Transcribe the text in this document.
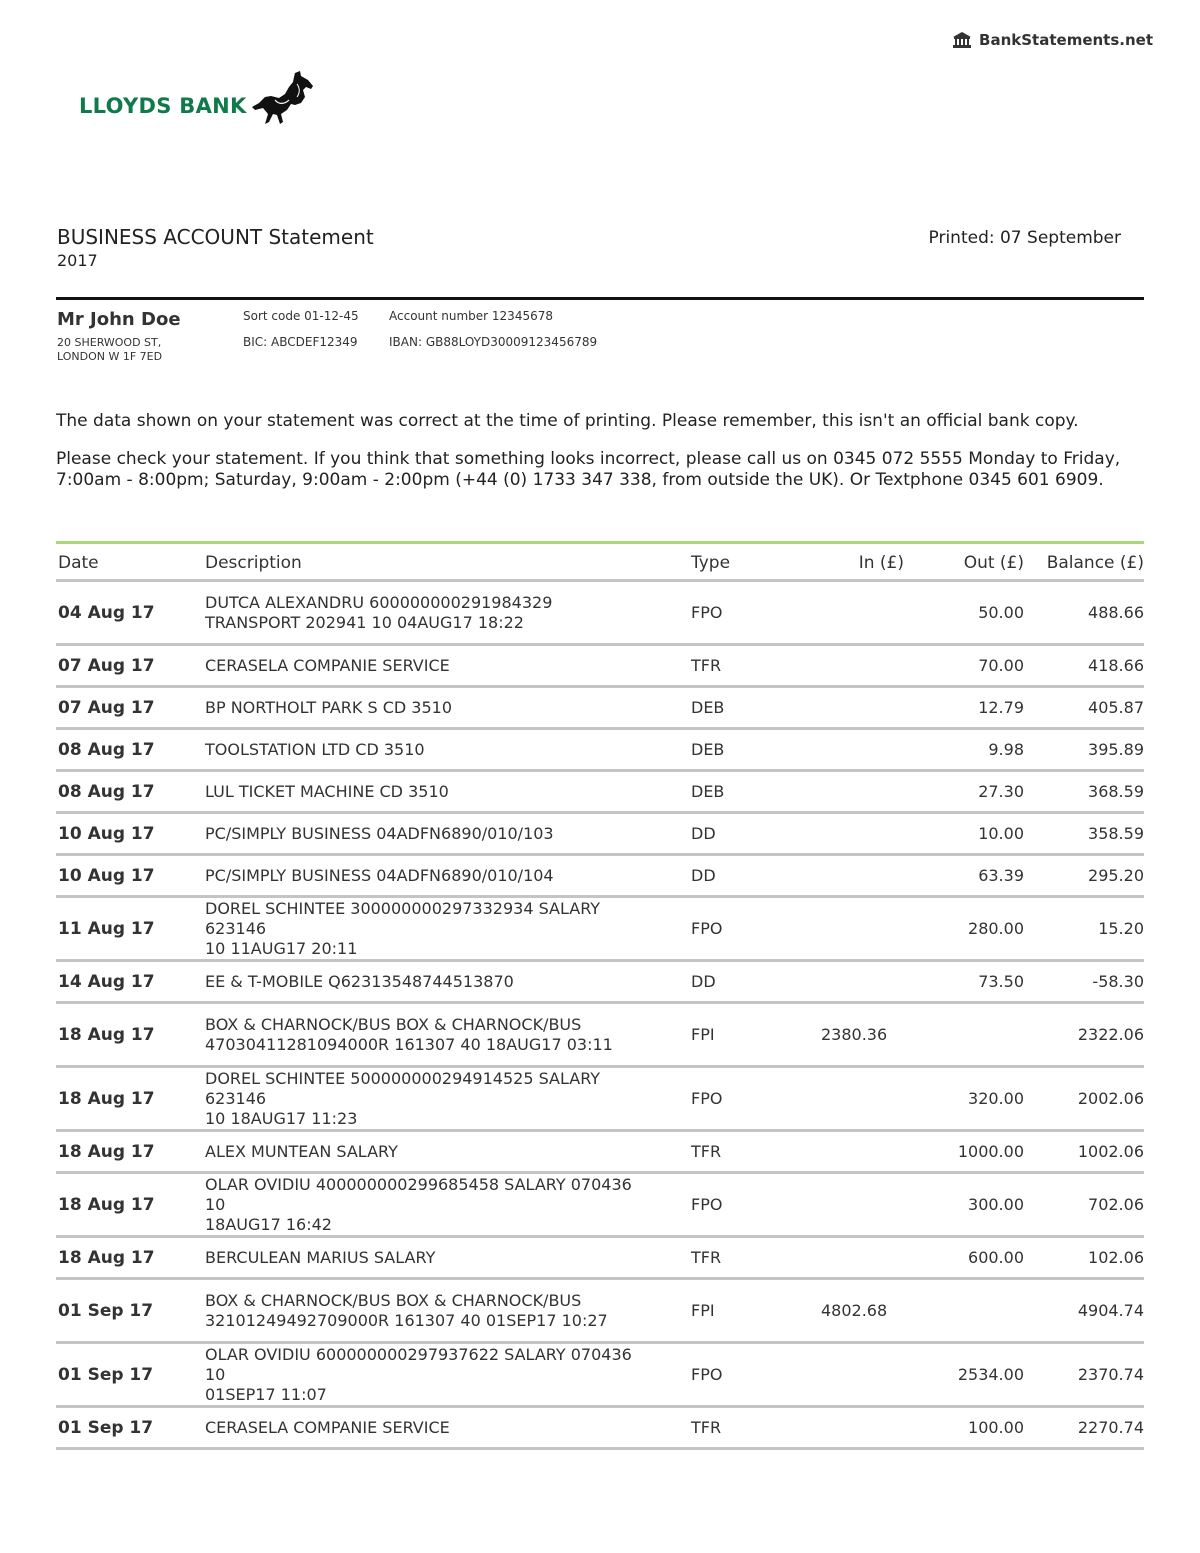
BankStatements.net
LLOYDS BANK
BUSINESS ACCOUNT Statement
2017
Printed: 07 September
Mr John Doe
20 SHERWOOD ST, LONDON W 1F 7ED
Sort code 01-12-45
BIC: ABCDEF12349
Account number 12345678
IBAN: GB88LOYD30009123456789
The data shown on your statement was correct at the time of printing. Please remember, this isn't an official bank copy.
Please check your statement. If you think that something looks incorrect, please call us on 0345 072 5555 Monday to Friday, 7:00am - 8:00pm; Saturday, 9:00am - 2:00pm (+44 (0) 1733 347 338, from outside the UK). Or Textphone 0345 601 6909.
Date	Description	Type	In (£)	Out (£)	Balance (£)
04 Aug 17	DUTCA ALEXANDRU 600000000291984329
TRANSPORT 202941 10 04AUG17 18:22	FPO		50.00	488.66
07 Aug 17	CERASELA COMPANIE SERVICE	TFR		70.00	418.66
07 Aug 17	BP NORTHOLT PARK S CD 3510	DEB		12.79	405.87
08 Aug 17	TOOLSTATION LTD CD 3510	DEB		9.98	395.89
08 Aug 17	LUL TICKET MACHINE CD 3510	DEB		27.30	368.59
10 Aug 17	PC/SIMPLY BUSINESS 04ADFN6890/010/103	DD		10.00	358.59
10 Aug 17	PC/SIMPLY BUSINESS 04ADFN6890/010/104	DD		63.39	295.20
11 Aug 17	DOREL SCHINTEE 300000000297332934 SALARY
623146
10 11AUG17 20:11	FPO		280.00	15.20
14 Aug 17	EE & T-MOBILE Q62313548744513870	DD		73.50	-58.30
18 Aug 17	BOX & CHARNOCK/BUS BOX & CHARNOCK/BUS
47030411281094000R 161307 40 18AUG17 03:11	FPI	2380.36		2322.06
18 Aug 17	DOREL SCHINTEE 500000000294914525 SALARY
623146
10 18AUG17 11:23	FPO		320.00	2002.06
18 Aug 17	ALEX MUNTEAN SALARY	TFR		1000.00	1002.06
18 Aug 17	OLAR OVIDIU 400000000299685458 SALARY 070436
10
18AUG17 16:42	FPO		300.00	702.06
18 Aug 17	BERCULEAN MARIUS SALARY	TFR		600.00	102.06
01 Sep 17	BOX & CHARNOCK/BUS BOX & CHARNOCK/BUS
32101249492709000R 161307 40 01SEP17 10:27	FPI	4802.68		4904.74
01 Sep 17	OLAR OVIDIU 600000000297937622 SALARY 070436
10
01SEP17 11:07	FPO		2534.00	2370.74
01 Sep 17	CERASELA COMPANIE SERVICE	TFR		100.00	2270.74
